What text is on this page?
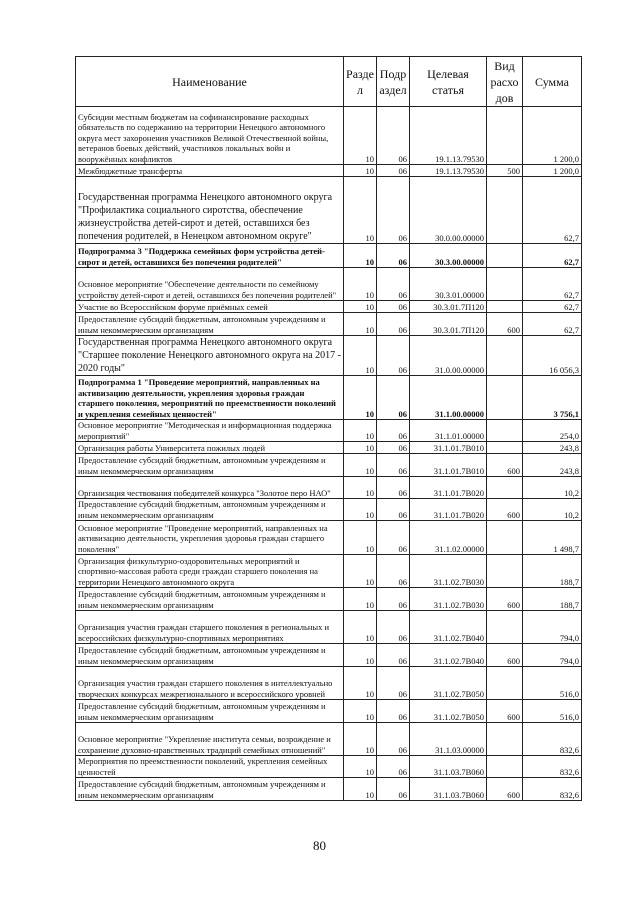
Наименование	Разде л	Подр аздел	Целевая статья	Вид расхо дов	Сумма
Субсидии местным бюджетам на софинансирование расходных обязательств по содержанию на территории Ненецкого автономного округа мест захоронения участников Великой Отечественной войны, ветеранов боевых действий, участников локальных войн и вооружённых конфликтов	10	06	19.1.13.79530		1 200,0
Межбюджетные трансферты	10	06	19.1.13.79530	500	1 200,0
Государственная программа Ненецкого автономного округа "Профилактика социального сиротства, обеспечение жизнеустройства детей-сирот и детей, оставшихся без попечения родителей, в Ненецком автономном округе"	10	06	30.0.00.00000		62,7
Подпрограмма 3 "Поддержка семейных форм устройства детей-сирот и детей, оставшихся без попечения родителей"	10	06	30.3.00.00000		62,7
Основное мероприятие "Обеспечение деятельности по семейному устройству детей-сирот и детей, оставшихся без попечения родителей"	10	06	30.3.01.00000		62,7
Участие во Всероссийском форуме приёмных семей	10	06	30.3.01.7П120		62,7
Предоставление субсидий бюджетным, автономным учреждениям и иным некоммерческим организациям	10	06	30.3.01.7П120	600	62,7
Государственная программа Ненецкого автономного округа "Старшее поколение Ненецкого автономного округа на 2017 - 2020 годы"	10	06	31.0.00.00000		16 056,3
Подпрограмма 1 "Проведение мероприятий, направленных на активизацию деятельности, укрепления здоровья граждан старшего поколения, мероприятий по преемственности поколений и укрепления семейных ценностей"	10	06	31.1.00.00000		3 756,1
Основное мероприятие "Методическая и информационная поддержка мероприятий"	10	06	31.1.01.00000		254,0
Организация работы Университета пожилых людей	10	06	31.1.01.7В010		243,8
Предоставление субсидий бюджетным, автономным учреждениям и иным некоммерческим организациям	10	06	31.1.01.7В010	600	243,8
Организация чествования победителей конкурса "Золотое перо НАО"	10	06	31.1.01.7В020		10,2
Предоставление субсидий бюджетным, автономным учреждениям и иным некоммерческим организациям	10	06	31.1.01.7В020	600	10,2
Основное мероприятие "Проведение мероприятий, направленных на активизацию деятельности, укрепления здоровья граждан старшего поколения"	10	06	31.1.02.00000		1 498,7
Организация физкультурно-оздоровительных мероприятий и спортивно-массовая работа среди граждан старшего поколения на территории Ненецкого автономного округа	10	06	31.1.02.7В030		188,7
Предоставление субсидий бюджетным, автономным учреждениям и иным некоммерческим организациям	10	06	31.1.02.7В030	600	188,7
Организация участия граждан старшего поколения в региональных и всероссийских физкультурно-спортивных мероприятиях	10	06	31.1.02.7В040		794,0
Предоставление субсидий бюджетным, автономным учреждениям и иным некоммерческим организациям	10	06	31.1.02.7В040	600	794,0
Организация участия граждан старшего поколения в интеллектуально творческих конкурсах межрегионального и всероссийского уровней	10	06	31.1.02.7В050		516,0
Предоставление субсидий бюджетным, автономным учреждениям и иным некоммерческим организациям	10	06	31.1.02.7В050	600	516,0
Основное мероприятие "Укрепление института семьи, возрождение и сохранение духовно-нравственных традиций семейных отношений"	10	06	31.1.03.00000		832,6
Мероприятия по преемственности поколений, укрепления семейных ценностей	10	06	31.1.03.7В060		832,6
Предоставление субсидий бюджетным, автономным учреждениям и иным некоммерческим организациям	10	06	31.1.03.7В060	600	832,6
80
